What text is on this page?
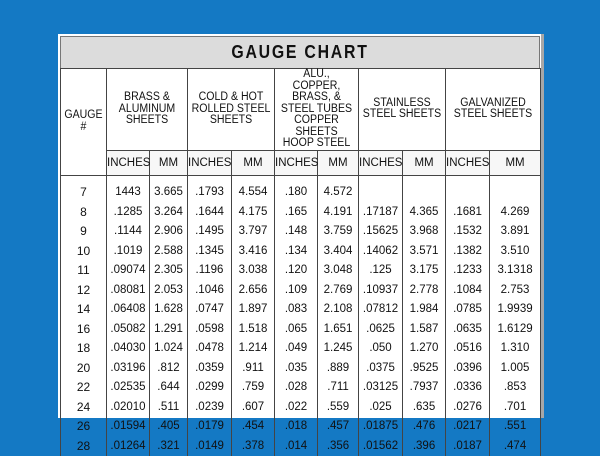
GAUGE CHART
GAUGE #	BRASS & ALUMINUM SHEETS		COLD & HOT ROLLED STEEL SHEETS		ALU., COPPER, BRASS, & STEEL TUBES COPPER SHEETS HOOP STEEL		STAINLESS STEEL SHEETS		GALVANIZED STEEL SHEETS	
	INCHES	MM	INCHES	MM	INCHES	MM	INCHES	MM	INCHES	MM

7	1443	3.665	.1793	4.554	.180	4.572				
8	.1285	3.264	.1644	4.175	.165	4.191	.17187	4.365	.1681	4.269
9	.1144	2.906	.1495	3.797	.148	3.759	.15625	3.968	.1532	3.891
10	.1019	2.588	.1345	3.416	.134	3.404	.14062	3.571	.1382	3.510
11	.09074	2.305	.1196	3.038	.120	3.048	.125	3.175	.1233	3.1318
12	.08081	2.053	.1046	2.656	.109	2.769	.10937	2.778	.1084	2.753
14	.06408	1.628	.0747	1.897	.083	2.108	.07812	1.984	.0785	1.9939
16	.05082	1.291	.0598	1.518	.065	1.651	.0625	1.587	.0635	1.6129
18	.04030	1.024	.0478	1.214	.049	1.245	.050	1.270	.0516	1.310
20	.03196	.812	.0359	.911	.035	.889	.0375	.9525	.0396	1.005
22	.02535	.644	.0299	.759	.028	.711	.03125	.7937	.0336	.853
24	.02010	.511	.0239	.607	.022	.559	.025	.635	.0276	.701
26	.01594	.405	.0179	.454	.018	.457	.01875	.476	.0217	.551
28	.01264	.321	.0149	.378	.014	.356	.01562	.396	.0187	.474
